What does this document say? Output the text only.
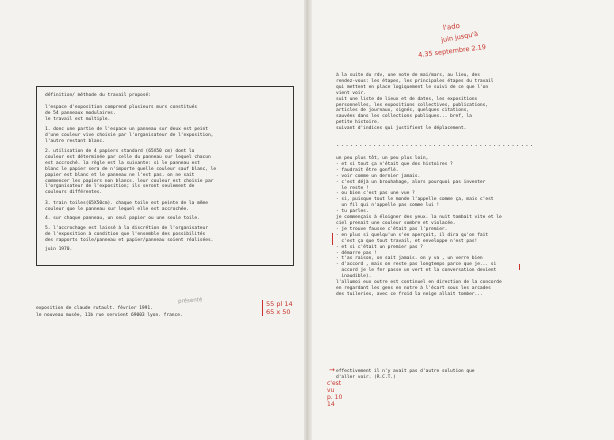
définition/ méthode du travail proposé:
l'espace d'exposition comprend plusieurs murs constitués
de 54 panneaux modulaires.
le travail est multiple.
1. donc une partie de l'espace un panneau sur deux est peint
d'une couleur vive choisie par l'organisateur de l'exposition,
l'autre restant blanc.
2. utilisation de 4 papiers standard (65X50 cm) dont la
couleur est déterminée par celle du panneau sur lequel chacun
est accroché. la règle est la suivante: si le panneau est
blanc le papier sera de n'importe quelle couleur sauf blanc, le
papier est blanc et le panneau ne l'est pas. on ne sait
commencer les papiers non blancs. leur couleur est choisie par
l'organisateur de l'exposition; ils seront seulement de
couleurs différentes.
3. train toiles(65X50cm). chaque toile est peinte de la même
couleur que le panneau sur lequel elle est accrochée.
4. sur chaque panneau, un seul papier ou une seule toile.
5. l'accrochage est laissé à la discrétion de l'organisateur
de l'exposition à condition que l'ensemble des possibilités
des rapports toile/panneau et papier/panneau soient réalisées.
juin 1970.
exposition de claude rutault. février 1991.
le nouveau musée, 11b rue servient 69003 lyon. france.
présenté	55 pl 14
65 x 50
l'ado
juin jusqu'à
4.35 septembre 2.19
à la suite du rdv, une note de mai/mars, au lieu, des
rendez-vous: les étapes, les principales étapes du travail
qui mettent en place logiquement le suivi de ce que l'on
vient voir.
suit une liste de lieux et de dates, les expositions
personnelles, les expositions collectives, publications,
articles de journaux, signés, quelques citations,
sauvées dans les collections publiques... bref, la
petite histoire.
suivant d'indices qui justifient le déplacement.
...........................................
un peu plus tôt, un peu plus loin,
- et si tout ça n'était que des histoires ?
- faudrait être gonflé.
- voir comme un dernier jamais.
- c'est déjà un brouhahage, alors pourquoi pas inventer
le reste !
- ou bien c'est pas une vue ?
- si, puisque tout le monde l'appelle comme ça, mais c'est
un fil qui n'appelle pas comme lui !
- tu parles.
je commençais à éloigner des yeux. la nuit tombait vite et le
ciel prenait une couleur sombre et violacée.
- je trouve fausse c'était pas l'premier.
- en plus si quelqu'un s'en aperçoit, il dira qu'on fait
c'est ça que tout travail, et enveloppe n'est pas!
- et si c'était un premier pas ?
- démarre pas !
- t'as raison, on sait jamais. on y va , un verre bien
- d'accord , mais on reste pas longtemps parce que je... si
accord je le fer passe un vert et la conversation devient
inaudible).
l'allumoi eux outre est continuel en direction de la concorde
en regardant les gens en notre à l'écart sous les arcades
des tuileries, avec ce froid la neige allait tomber...
effectivement il n'y avait pas d'autre solution que
d'aller voir. (R.C.T.)
→
c'est
vu
p. 10
14
